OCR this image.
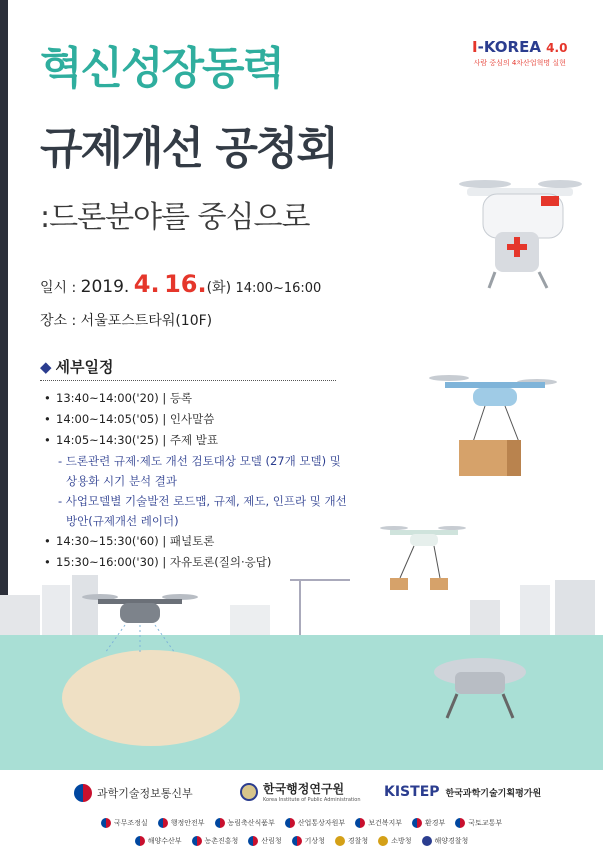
혁신성장동력
규제개선 공청회
:드론분야를 중심으로
I-KOREA 4.0
사람 중심의 4차산업혁명 실현
일시 : 2019. 4. 16.(화) 14:00~16:00
장소 : 서울포스트타워(10F)
◆ 세부일정
• 13:40~14:00('20) | 등록
• 14:00~14:05('05) | 인사말씀
• 14:05~14:30('25) | 주제 발표
- 드론관련 규제·제도 개선 검토대상 모델 (27개 모델) 및
상용화 시기 분석 결과
- 사업모델별 기술발전 로드맵, 규제, 제도, 인프라 및 개선
방안(규제개선 레이더)
• 14:30~15:30('60) | 패널토론
• 15:30~16:00('30) | 자유토론(질의·응답)
과학기술정보통신부	한국행정연구원
Korea Institute of Public Administration KISTEP 한국과학기술기획평가원
국무조정실	행정안전부	농림축산식품부	산업통상자원부	보건복지부	환경부	국토교통부
해양수산부	농촌진흥청	산림청	기상청	경찰청	소방청	해양경찰청
